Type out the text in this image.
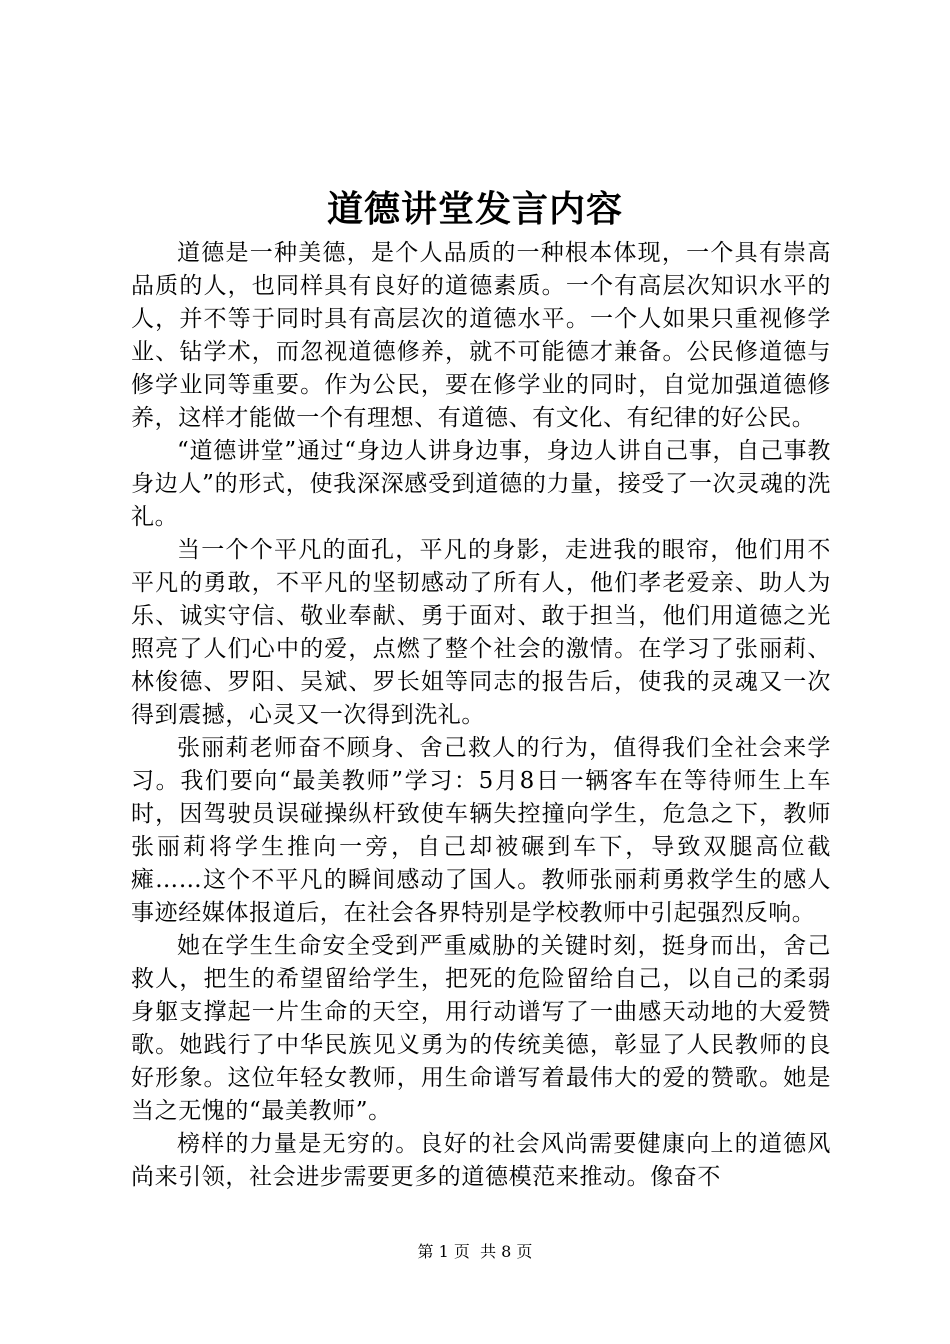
道德讲堂发言内容

道德是一种美德，是个人品质的一种根本体现，一个具有崇高品质的人，也同样具有良好的道德素质。一个有高层次知识水平的人，并不等于同时具有高层次的道德水平。一个人如果只重视修学业、钻学术，而忽视道德修养，就不可能德才兼备。公民修道德与修学业同等重要。作为公民，要在修学业的同时，自觉加强道德修养，这样才能做一个有理想、有道德、有文化、有纪律的好公民。

“道德讲堂”通过“身边人讲身边事，身边人讲自己事，自己事教身边人”的形式，使我深深感受到道德的力量，接受了一次灵魂的洗礼。

当一个个平凡的面孔，平凡的身影，走进我的眼帘，他们用不平凡的勇敢，不平凡的坚韧感动了所有人，他们孝老爱亲、助人为乐、诚实守信、敬业奉献、勇于面对、敢于担当，他们用道德之光照亮了人们心中的爱，点燃了整个社会的激情。在学习了张丽莉、林俊德、罗阳、吴斌、罗长姐等同志的报告后，使我的灵魂又一次得到震撼，心灵又一次得到洗礼。

张丽莉老师奋不顾身、舍己救人的行为，值得我们全社会来学习。我们要向“最美教师”学习：5月8日一辆客车在等待师生上车时，因驾驶员误碰操纵杆致使车辆失控撞向学生，危急之下，教师张丽莉将学生推向一旁，自己却被碾到车下，导致双腿高位截瘫……这个不平凡的瞬间感动了国人。教师张丽莉勇救学生的感人事迹经媒体报道后，在社会各界特别是学校教师中引起强烈反响。

她在学生生命安全受到严重威胁的关键时刻，挺身而出，舍己救人，把生的希望留给学生，把死的危险留给自己，以自己的柔弱身躯支撑起一片生命的天空，用行动谱写了一曲感天动地的大爱赞歌。她践行了中华民族见义勇为的传统美德，彰显了人民教师的良好形象。这位年轻女教师，用生命谱写着最伟大的爱的赞歌。她是当之无愧的“最美教师”。

榜样的力量是无穷的。良好的社会风尚需要健康向上的道德风尚来引领，社会进步需要更多的道德模范来推动。像奋不

第 1 页  共 8 页
